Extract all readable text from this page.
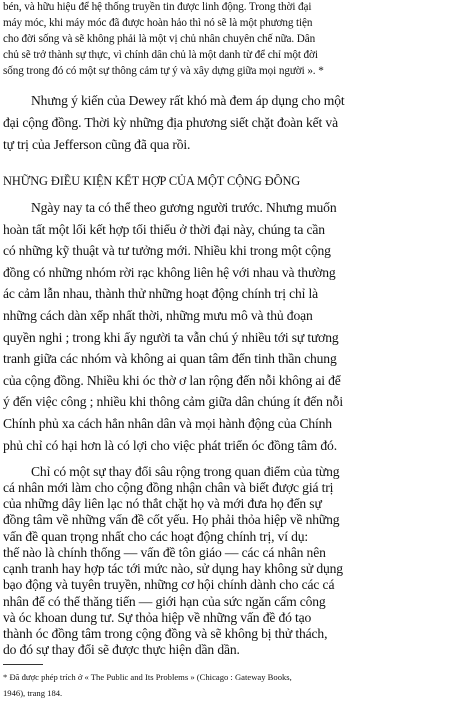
bén, và hữu hiệu để hệ thống truyền tin được linh động. Trong thời đại
máy móc, khi máy móc đã được hoàn hảo thì nó sẽ là một phương tiện
cho đời sống và sẽ không phải là một vị chủ nhân chuyên chế nữa. Dân
chủ sẽ trở thành sự thực, vì chính dân chủ là một danh từ để chỉ một đời
sống trong đó có một sự thông cảm tự ý và xây dựng giữa mọi người ». *
Nhưng ý kiến của Dewey rất khó mà đem áp dụng cho một
đại cộng đồng. Thời kỳ những địa phương siết chặt đoàn kết và
tự trị của Jefferson cũng đã qua rồi.
NHỮNG ĐIỀU KIỆN KẾT HỢP CỦA MỘT CỘNG ĐỒNG
Ngày nay ta có thể theo gương người trước. Nhưng muốn
hoàn tất một lối kết hợp tối thiểu ở thời đại này, chúng ta cần
có những kỹ thuật và tư tưởng mới. Nhiều khi trong một cộng
đồng có những nhóm rời rạc không liên hệ với nhau và thường
ác cảm lẫn nhau, thành thử những hoạt động chính trị chỉ là
những cách dàn xếp nhất thời, những mưu mô và thủ đoạn
quyền nghi ; trong khi ấy người ta vẫn chú ý nhiều tới sự tương
tranh giữa các nhóm và không ai quan tâm đến tinh thần chung
của cộng đồng. Nhiều khi óc thờ ơ lan rộng đến nỗi không ai để
ý đến việc công ; nhiều khi thông cảm giữa dân chúng ít đến nỗi
Chính phủ xa cách hẳn nhân dân và mọi hành động của Chính
phủ chỉ có hại hơn là có lợi cho việc phát triển óc đồng tâm đó.
Chỉ có một sự thay đổi sâu rộng trong quan điểm của từng
cá nhân mới làm cho cộng đồng nhận chân và biết được giá trị
của những dây liên lạc nó thắt chặt họ và mới đưa họ đến sự
đồng tâm về những vấn đề cốt yếu. Họ phải thỏa hiệp về những
vấn đề quan trọng nhất cho các hoạt động chính trị, ví dụ:
thế nào là chính thống — vấn đề tôn giáo — các cá nhân nên
cạnh tranh hay hợp tác tới mức nào, sử dụng hay không sử dụng
bạo động và tuyên truyền, những cơ hội chính dành cho các cá
nhân để có thể thăng tiến — giới hạn của sức ngăn cấm công
và óc khoan dung tư. Sự thỏa hiệp về những vấn đề đó tạo
thành óc đồng tâm trong cộng đồng và sẽ không bị thử thách,
do đó sự thay đổi sẽ được thực hiện dần dần.
* Đã được phép trích ở « The Public and Its Problems » (Chicago : Gateway Books,
1946), trang 184.
